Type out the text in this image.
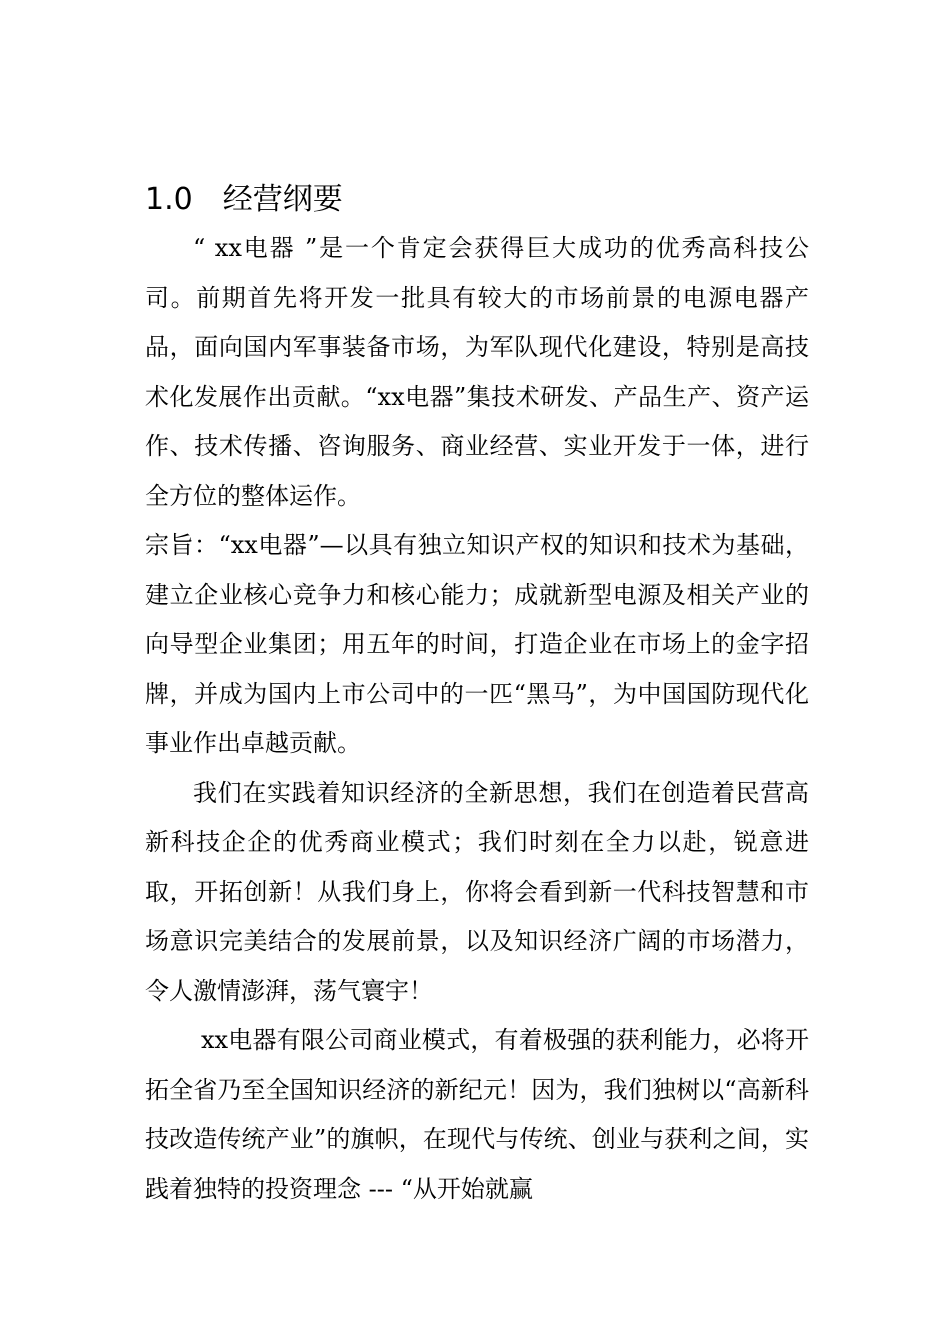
1.0 经营纲要

“ xx电器 ”是一个肯定会获得巨大成功的优秀高科技公司。前期首先将开发一批具有较大的市场前景的电源电器产品，面向国内军事装备市场，为军队现代化建设，特别是高技术化发展作出贡献。“xx电器”集技术研发、产品生产、资产运作、技术传播、咨询服务、商业经营、实业开发于一体，进行全方位的整体运作。

宗旨：“xx电器”—以具有独立知识产权的知识和技术为基础，建立企业核心竞争力和核心能力；成就新型电源及相关产业的向导型企业集团；用五年的时间，打造企业在市场上的金字招牌，并成为国内上市公司中的一匹“黑马”，为中国国防现代化事业作出卓越贡献。

我们在实践着知识经济的全新思想，我们在创造着民营高新科技企企的优秀商业模式；我们时刻在全力以赴，锐意进取，开拓创新！从我们身上，你将会看到新一代科技智慧和市场意识完美结合的发展前景，以及知识经济广阔的市场潜力，令人激情澎湃，荡气寰宇！

xx电器有限公司商业模式，有着极强的获利能力，必将开拓全省乃至全国知识经济的新纪元！因为，我们独树以“高新科技改造传统产业”的旗帜，在现代与传统、创业与获利之间，实践着独特的投资理念 --- “从开始就赢
